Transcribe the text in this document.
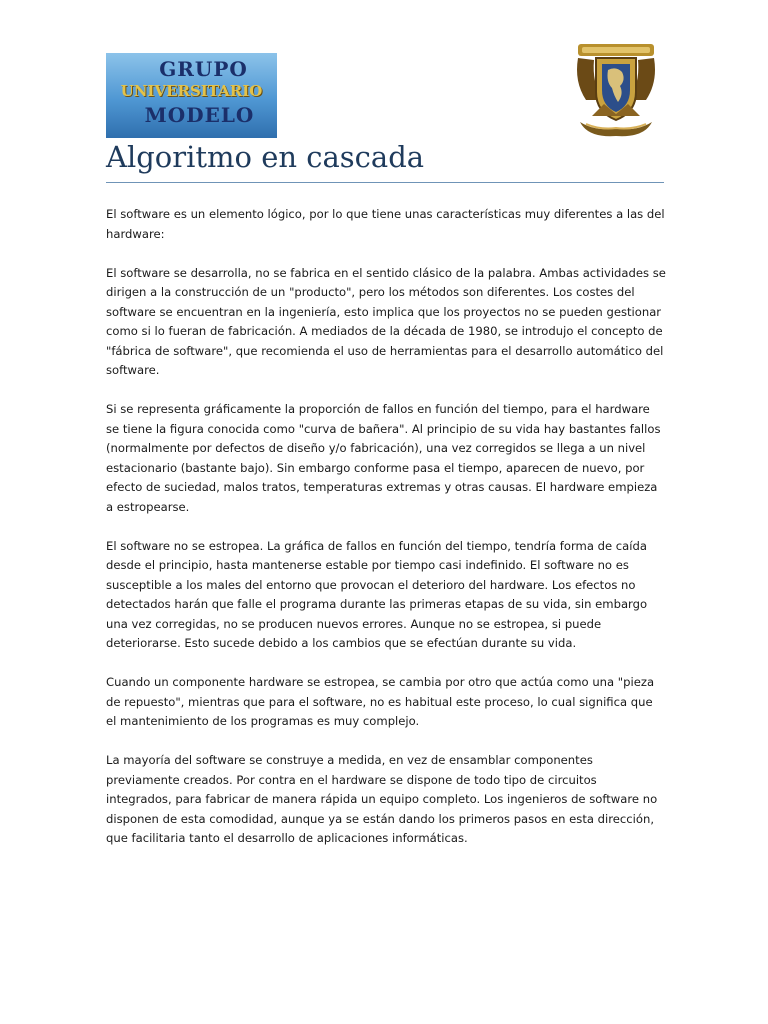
GRUPO
UNIVERSITARIO
MODELO
Algoritmo en cascada

El software es un elemento lógico, por lo que tiene unas características muy diferentes a las del hardware:

El software se desarrolla, no se fabrica en el sentido clásico de la palabra. Ambas actividades se dirigen a la construcción de un "producto", pero los métodos son diferentes. Los costes del software se encuentran en la ingeniería, esto implica que los proyectos no se pueden gestionar como si lo fueran de fabricación. A mediados de la década de 1980, se introdujo el concepto de "fábrica de software", que recomienda el uso de herramientas para el desarrollo automático del software.

Si se representa gráficamente la proporción de fallos en función del tiempo, para el hardware se tiene la figura conocida como "curva de bañera". Al principio de su vida hay bastantes fallos (normalmente por defectos de diseño y/o fabricación), una vez corregidos se llega a un nivel estacionario (bastante bajo). Sin embargo conforme pasa el tiempo, aparecen de nuevo, por efecto de suciedad, malos tratos, temperaturas extremas y otras causas. El hardware empieza a estropearse.

El software no se estropea. La gráfica de fallos en función del tiempo, tendría forma de caída desde el principio, hasta mantenerse estable por tiempo casi indefinido. El software no es susceptible a los males del entorno que provocan el deterioro del hardware. Los efectos no detectados harán que falle el programa durante las primeras etapas de su vida, sin embargo una vez corregidas, no se producen nuevos errores. Aunque no se estropea, si puede deteriorarse. Esto sucede debido a los cambios que se efectúan durante su vida.

Cuando un componente hardware se estropea, se cambia por otro que actúa como una "pieza de repuesto", mientras que para el software, no es habitual este proceso, lo cual significa que el mantenimiento de los programas es muy complejo.

La mayoría del software se construye a medida, en vez de ensamblar componentes previamente creados. Por contra en el hardware se dispone de todo tipo de circuitos integrados, para fabricar de manera rápida un equipo completo. Los ingenieros de software no disponen de esta comodidad, aunque ya se están dando los primeros pasos en esta dirección, que facilitaria tanto el desarrollo de aplicaciones informáticas.
